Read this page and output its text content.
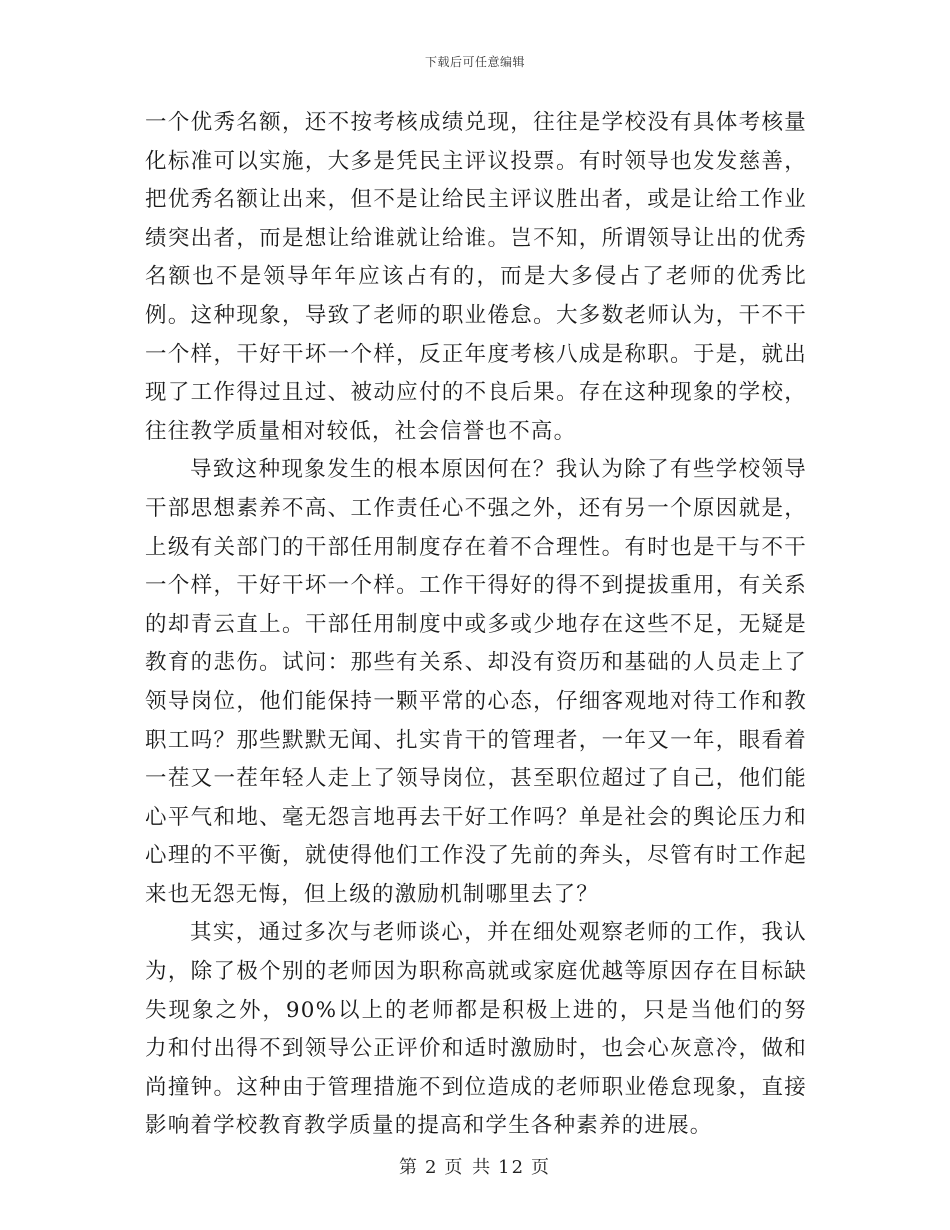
下载后可任意编辑

一个优秀名额，还不按考核成绩兑现，往往是学校没有具体考核量化标准可以实施，大多是凭民主评议投票。有时领导也发发慈善，把优秀名额让出来，但不是让给民主评议胜出者，或是让给工作业绩突出者，而是想让给谁就让给谁。岂不知，所谓领导让出的优秀名额也不是领导年年应该占有的，而是大多侵占了老师的优秀比例。这种现象，导致了老师的职业倦怠。大多数老师认为，干不干一个样，干好干坏一个样，反正年度考核八成是称职。于是，就出现了工作得过且过、被动应付的不良后果。存在这种现象的学校，往往教学质量相对较低，社会信誉也不高。

导致这种现象发生的根本原因何在？我认为除了有些学校领导干部思想素养不高、工作责任心不强之外，还有另一个原因就是，上级有关部门的干部任用制度存在着不合理性。有时也是干与不干一个样，干好干坏一个样。工作干得好的得不到提拔重用，有关系的却青云直上。干部任用制度中或多或少地存在这些不足，无疑是教育的悲伤。试问：那些有关系、却没有资历和基础的人员走上了领导岗位，他们能保持一颗平常的心态，仔细客观地对待工作和教职工吗？那些默默无闻、扎实肯干的管理者，一年又一年，眼看着一茬又一茬年轻人走上了领导岗位，甚至职位超过了自己，他们能心平气和地、毫无怨言地再去干好工作吗？单是社会的舆论压力和心理的不平衡，就使得他们工作没了先前的奔头，尽管有时工作起来也无怨无悔，但上级的激励机制哪里去了？

其实，通过多次与老师谈心，并在细处观察老师的工作，我认为，除了极个别的老师因为职称高就或家庭优越等原因存在目标缺失现象之外，90%以上的老师都是积极上进的，只是当他们的努力和付出得不到领导公正评价和适时激励时，也会心灰意冷，做和尚撞钟。这种由于管理措施不到位造成的老师职业倦怠现象，直接影响着学校教育教学质量的提高和学生各种素养的进展。

第 2 页 共 12 页
